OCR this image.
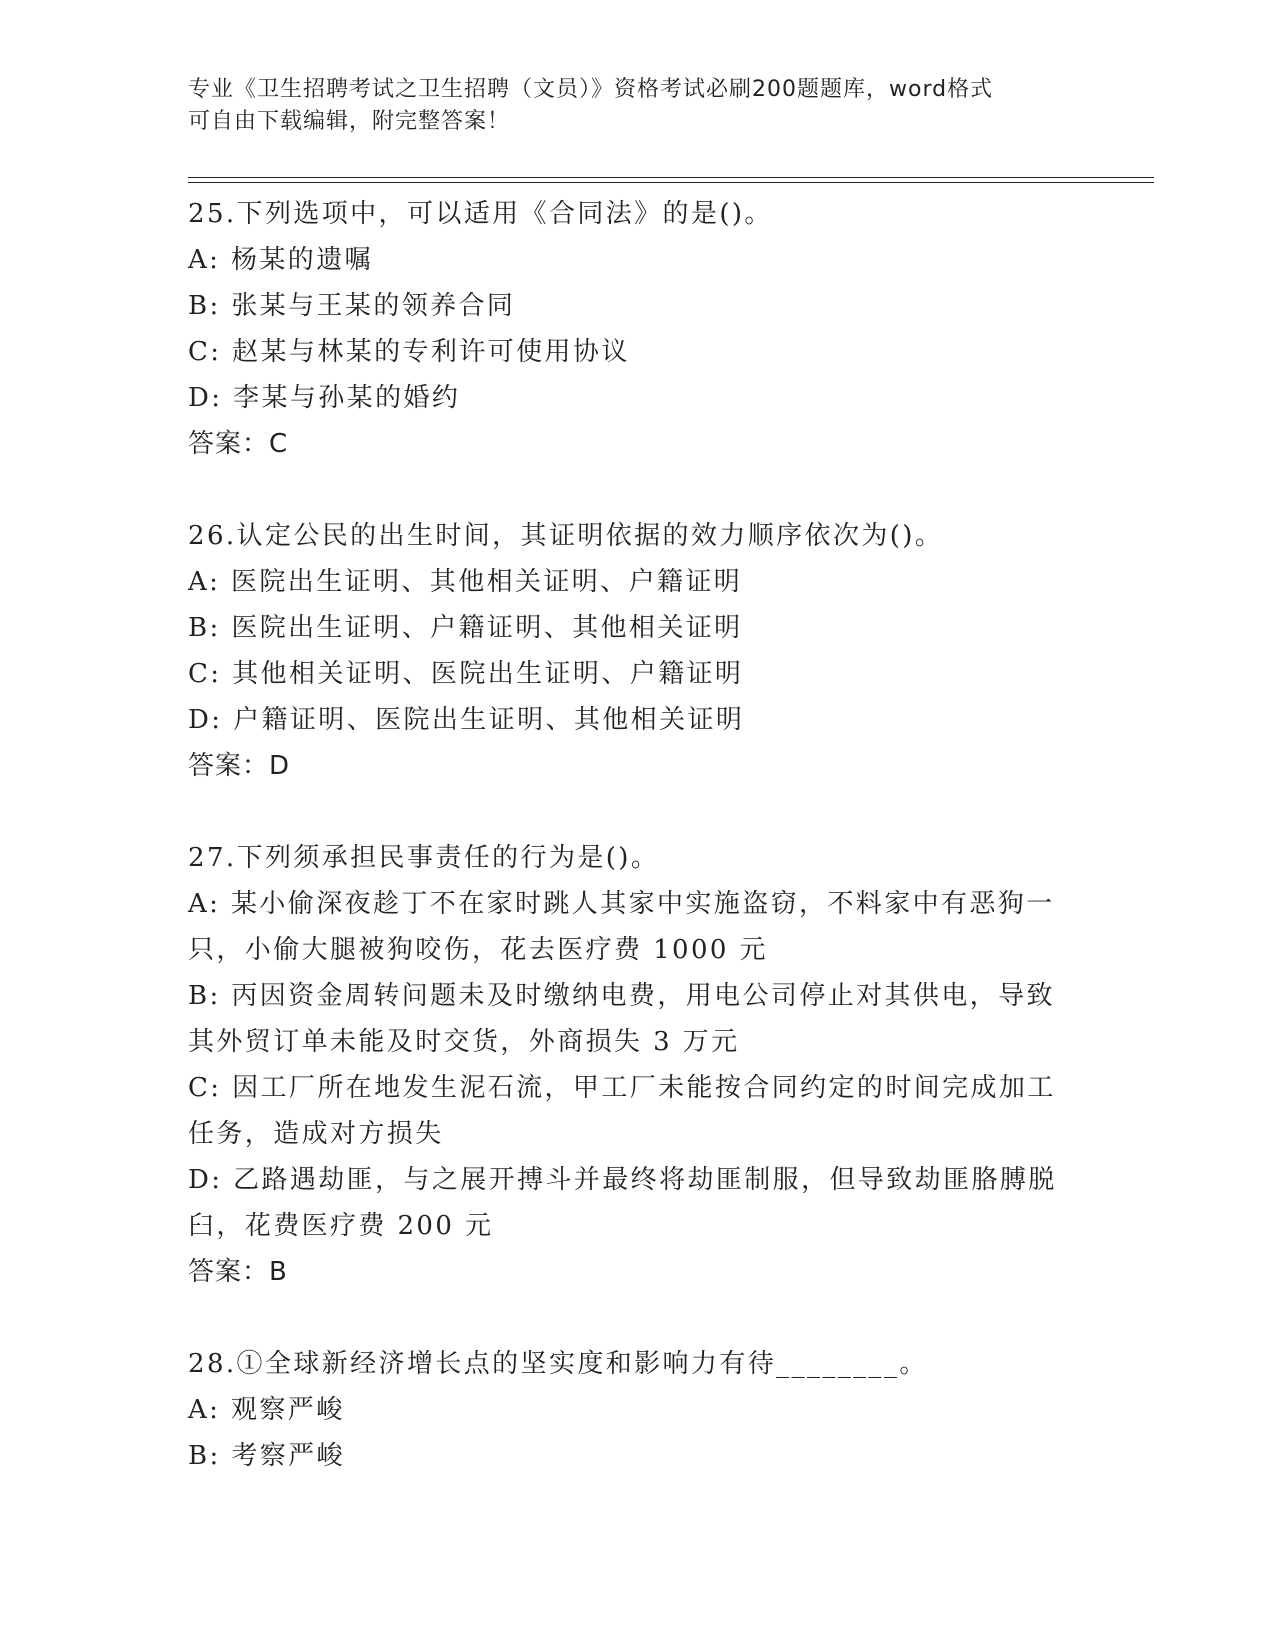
专业《卫生招聘考试之卫生招聘（文员）》资格考试必刷200题题库，word格式
可自由下载编辑，附完整答案！
25.下列选项中，可以适用《合同法》的是()。
A: 杨某的遗嘱
B: 张某与王某的领养合同
C: 赵某与林某的专利许可使用协议
D: 李某与孙某的婚约
答案：C
26.认定公民的出生时间，其证明依据的效力顺序依次为()。
A: 医院出生证明、其他相关证明、户籍证明
B: 医院出生证明、户籍证明、其他相关证明
C: 其他相关证明、医院出生证明、户籍证明
D: 户籍证明、医院出生证明、其他相关证明
答案：D
27.下列须承担民事责任的行为是()。
A: 某小偷深夜趁丁不在家时跳人其家中实施盗窃，不料家中有恶狗一
只，小偷大腿被狗咬伤，花去医疗费 1000 元
B: 丙因资金周转问题未及时缴纳电费，用电公司停止对其供电，导致
其外贸订单未能及时交货，外商损失 3 万元
C: 因工厂所在地发生泥石流，甲工厂未能按合同约定的时间完成加工
任务，造成对方损失
D: 乙路遇劫匪，与之展开搏斗并最终将劫匪制服，但导致劫匪胳膊脱
臼，花费医疗费 200 元
答案：B
28.①全球新经济增长点的坚实度和影响力有待________。
A: 观察严峻
B: 考察严峻
